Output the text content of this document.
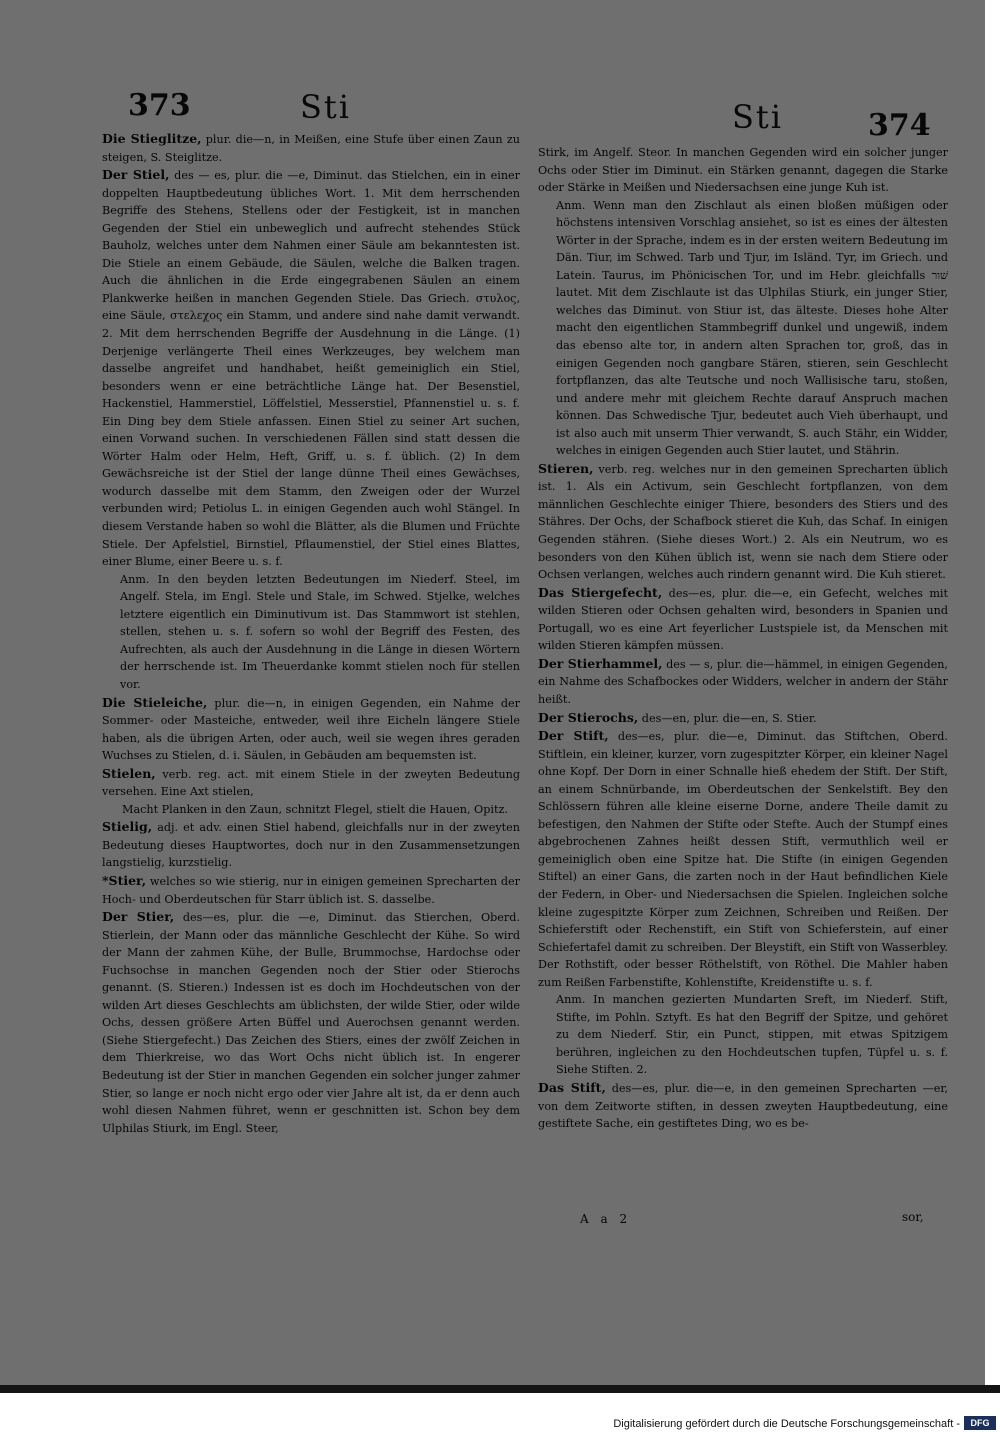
373	Sti	Sti	374
Die Stieglitze, plur. die—n, in Meißen, eine Stufe über einen Zaun zu steigen, S. Steiglitze.
Der Stiel, des — es, plur. die —e, Diminut. das Stielchen, ein in einer doppelten Hauptbedeutung übliches Wort. 1. Mit dem herrschenden Begriffe des Stehens, Stellens oder der Festigkeit, ist in manchen Gegenden der Stiel ein unbeweglich und aufrecht stehendes Stück Bauholz, welches unter dem Nahmen einer Säule am bekanntesten ist. Die Stiele an einem Gebäude, die Säulen, welche die Balken tragen. Auch die ähnlichen in die Erde eingegrabenen Säulen an einem Plankwerke heißen in manchen Gegenden Stiele. Das Griech. στυλος, eine Säule, στελεχος ein Stamm, und andere sind nahe damit verwandt. 2. Mit dem herrschenden Begriffe der Ausdehnung in die Länge. (1) Derjenige verlängerte Theil eines Werkzeuges, bey welchem man dasselbe angreifet und handhabet, heißt gemeiniglich ein Stiel, besonders wenn er eine beträchtliche Länge hat. Der Besenstiel, Hackenstiel, Hammerstiel, Löffelstiel, Messerstiel, Pfannenstiel u. s. f. Ein Ding bey dem Stiele anfassen. Einen Stiel zu seiner Art suchen, einen Vorwand suchen. In verschiedenen Fällen sind statt dessen die Wörter Halm oder Helm, Heft, Griff, u. s. f. üblich. (2) In dem Gewächsreiche ist der Stiel der lange dünne Theil eines Gewächses, wodurch dasselbe mit dem Stamm, den Zweigen oder der Wurzel verbunden wird; Petiolus L. in einigen Gegenden auch wohl Stängel. In diesem Verstande haben so wohl die Blätter, als die Blumen und Früchte Stiele. Der Apfelstiel, Birnstiel, Pflaumenstiel, der Stiel eines Blattes, einer Blume, einer Beere u. s. f.
Anm. In den beyden letzten Bedeutungen im Niederf. Steel, im Angelf. Stela, im Engl. Stele und Stale, im Schwed. Stjelke, welches letztere eigentlich ein Diminutivum ist. Das Stammwort ist stehlen, stellen, stehen u. s. f. sofern so wohl der Begriff des Festen, des Aufrechten, als auch der Ausdehnung in die Länge in diesen Wörtern der herrschende ist. Im Theuerdanke kommt stielen noch für stellen vor.
Die Stieleiche, plur. die—n, in einigen Gegenden, ein Nahme der Sommer- oder Masteiche, entweder, weil ihre Eicheln längere Stiele haben, als die übrigen Arten, oder auch, weil sie wegen ihres geraden Wuchses zu Stielen, d. i. Säulen, in Gebäuden am bequemsten ist.
Stielen, verb. reg. act. mit einem Stiele in der zweyten Bedeutung versehen. Eine Axt stielen,
Macht Planken in den Zaun, schnitzt Flegel, stielt die Hauen, Opitz.
Stielig, adj. et adv. einen Stiel habend, gleichfalls nur in der zweyten Bedeutung dieses Hauptwortes, doch nur in den Zusammensetzungen langstielig, kurzstielig.
*Stier, welches so wie stierig, nur in einigen gemeinen Sprecharten der Hoch- und Oberdeutschen für Starr üblich ist. S. dasselbe.
Der Stier, des—es, plur. die —e, Diminut. das Stierchen, Oberd. Stierlein, der Mann oder das männliche Geschlecht der Kühe. So wird der Mann der zahmen Kühe, der Bulle, Brummochse, Hardochse oder Fuchsochse in manchen Gegenden noch der Stier oder Stierochs genannt. (S. Stieren.) Indessen ist es doch im Hochdeutschen von der wilden Art dieses Geschlechts am üblichsten, der wilde Stier, oder wilde Ochs, dessen größere Arten Büffel und Auerochsen genannt werden. (Siehe Stiergefecht.) Das Zeichen des Stiers, eines der zwölf Zeichen in dem Thierkreise, wo das Wort Ochs nicht üblich ist. In engerer Bedeutung ist der Stier in manchen Gegenden ein solcher junger zahmer Stier, so lange er noch nicht ergo oder vier Jahre alt ist, da er denn auch wohl diesen Nahmen führet, wenn er geschnitten ist. Schon bey dem Ulphilas Stiurk, im Engl. Steer,
Stirk, im Angelf. Steor. In manchen Gegenden wird ein solcher junger Ochs oder Stier im Diminut. ein Stärken genannt, dagegen die Starke oder Stärke in Meißen und Niedersachsen eine junge Kuh ist.
Anm. Wenn man den Zischlaut als einen bloßen müßigen oder höchstens intensiven Vorschlag ansiehet, so ist es eines der ältesten Wörter in der Sprache, indem es in der ersten weitern Bedeutung im Dän. Tiur, im Schwed. Tarb und Tjur, im Isländ. Tyr, im Griech. und Latein. Taurus, im Phönicischen Tor, und im Hebr. gleichfalls שׁור lautet. Mit dem Zischlaute ist das Ulphilas Stiurk, ein junger Stier, welches das Diminut. von Stiur ist, das älteste. Dieses hohe Alter macht den eigentlichen Stammbegriff dunkel und ungewiß, indem das ebenso alte tor, in andern alten Sprachen tor, groß, das in einigen Gegenden noch gangbare Stären, stieren, sein Geschlecht fortpflanzen, das alte Teutsche und noch Wallisische taru, stoßen, und andere mehr mit gleichem Rechte darauf Anspruch machen können. Das Schwedische Tjur, bedeutet auch Vieh überhaupt, und ist also auch mit unserm Thier verwandt, S. auch Stähr, ein Widder, welches in einigen Gegenden auch Stier lautet, und Stährin.
Stieren, verb. reg. welches nur in den gemeinen Sprecharten üblich ist. 1. Als ein Activum, sein Geschlecht fortpflanzen, von dem männlichen Geschlechte einiger Thiere, besonders des Stiers und des Stähres. Der Ochs, der Schafbock stieret die Kuh, das Schaf. In einigen Gegenden stähren. (Siehe dieses Wort.) 2. Als ein Neutrum, wo es besonders von den Kühen üblich ist, wenn sie nach dem Stiere oder Ochsen verlangen, welches auch rindern genannt wird. Die Kuh stieret.
Das Stiergefecht, des—es, plur. die—e, ein Gefecht, welches mit wilden Stieren oder Ochsen gehalten wird, besonders in Spanien und Portugall, wo es eine Art feyerlicher Lustspiele ist, da Menschen mit wilden Stieren kämpfen müssen.
Der Stierhammel, des — s, plur. die—hämmel, in einigen Gegenden, ein Nahme des Schafbockes oder Widders, welcher in andern der Stähr heißt.
Der Stierochs, des—en, plur. die—en, S. Stier.
Der Stift, des—es, plur. die—e, Diminut. das Stiftchen, Oberd. Stiftlein, ein kleiner, kurzer, vorn zugespitzter Körper, ein kleiner Nagel ohne Kopf. Der Dorn in einer Schnalle hieß ehedem der Stift. Der Stift, an einem Schnürbande, im Oberdeutschen der Senkelstift. Bey den Schlössern führen alle kleine eiserne Dorne, andere Theile damit zu befestigen, den Nahmen der Stifte oder Stefte. Auch der Stumpf eines abgebrochenen Zahnes heißt dessen Stift, vermuthlich weil er gemeiniglich oben eine Spitze hat. Die Stifte (in einigen Gegenden Stiftel) an einer Gans, die zarten noch in der Haut befindlichen Kiele der Federn, in Ober- und Niedersachsen die Spielen. Ingleichen solche kleine zugespitzte Körper zum Zeichnen, Schreiben und Reißen. Der Schieferstift oder Rechenstift, ein Stift von Schieferstein, auf einer Schiefertafel damit zu schreiben. Der Bleystift, ein Stift von Wasserbley. Der Rothstift, oder besser Röthelstift, von Röthel. Die Mahler haben zum Reißen Farbenstifte, Kohlenstifte, Kreidenstifte u. s. f.
Anm. In manchen gezierten Mundarten Sreft, im Niederf. Stift, Stifte, im Pohln. Sztyft. Es hat den Begriff der Spitze, und gehöret zu dem Niederf. Stir, ein Punct, stippen, mit etwas Spitzigem berühren, ingleichen zu den Hochdeutschen tupfen, Tüpfel u. s. f. Siehe Stiften. 2.
Das Stift, des—es, plur. die—e, in den gemeinen Sprecharten —er, von dem Zeitworte stiften, in dessen zweyten Hauptbedeutung, eine gestiftete Sache, ein gestiftetes Ding, wo es be-
A a 2	sor,
Digitalisierung gefördert durch die Deutsche Forschungsgemeinschaft -	DFG
